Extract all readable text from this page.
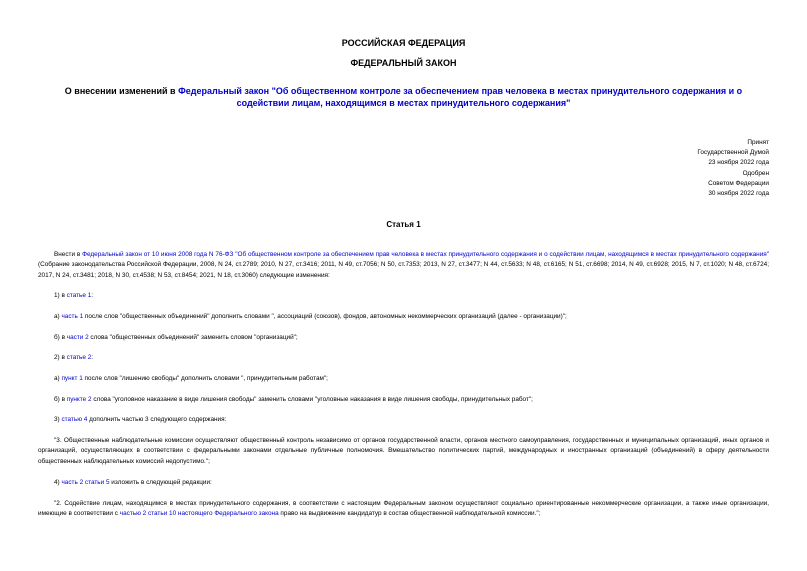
РОССИЙСКАЯ ФЕДЕРАЦИЯ
ФЕДЕРАЛЬНЫЙ ЗАКОН
О внесении изменений в Федеральный закон "Об общественном контроле за обеспечением прав человека в местах принудительного содержания и о содействии лицам, находящимся в местах принудительного содержания"
Принят
Государственной Думой
23 ноября 2022 года
Одобрен
Советом Федерации
30 ноября 2022 года
Статья 1

Внести в Федеральный закон от 10 июня 2008 года N 76-ФЗ "Об общественном контроле за обеспечением прав человека в местах принудительного содержания и о содействии лицам, находящимся в местах принудительного содержания" (Собрание законодательства Российской Федерации, 2008, N 24, ст.2789; 2010, N 27, ст.3416; 2011, N 49, ст.7056; N 50, ст.7353; 2013, N 27, ст.3477; N 44, ст.5633; N 48, ст.6165; N 51, ст.6698; 2014, N 49, ст.6928; 2015, N 7, ст.1020; N 48, ст.6724; 2017, N 24, ст.3481; 2018, N 30, ст.4538; N 53, ст.8454; 2021, N 18, ст.3060) следующие изменения:

1) в статье 1:

а) часть 1 после слов "общественных объединений" дополнить словами ", ассоциаций (союзов), фондов, автономных некоммерческих организаций (далее - организации)";

б) в части 2 слова "общественных объединений" заменить словом "организаций";

2) в статье 2:

а) пункт 1 после слов "лишению свободы" дополнить словами ", принудительным работам";

б) в пункте 2 слова "уголовное наказание в виде лишения свободы" заменить словами "уголовные наказания в виде лишения свободы, принудительных работ";

3) статью 4 дополнить частью 3 следующего содержания:

"3. Общественные наблюдательные комиссии осуществляют общественный контроль независимо от органов государственной власти, органов местного самоуправления, государственных и муниципальных организаций, иных органов и организаций, осуществляющих в соответствии с федеральными законами отдельные публичные полномочия. Вмешательство политических партий, международных и иностранных организаций (объединений) в сферу деятельности общественных наблюдательных комиссий недопустимо.";

4) часть 2 статьи 5 изложить в следующей редакции:

"2. Содействие лицам, находящимся в местах принудительного содержания, в соответствии с настоящим Федеральным законом осуществляют социально ориентированные некоммерческие организации, а также иные организации, имеющие в соответствии с частью 2 статьи 10 настоящего Федерального закона право на выдвижение кандидатур в состав общественной наблюдательной комиссии.";
